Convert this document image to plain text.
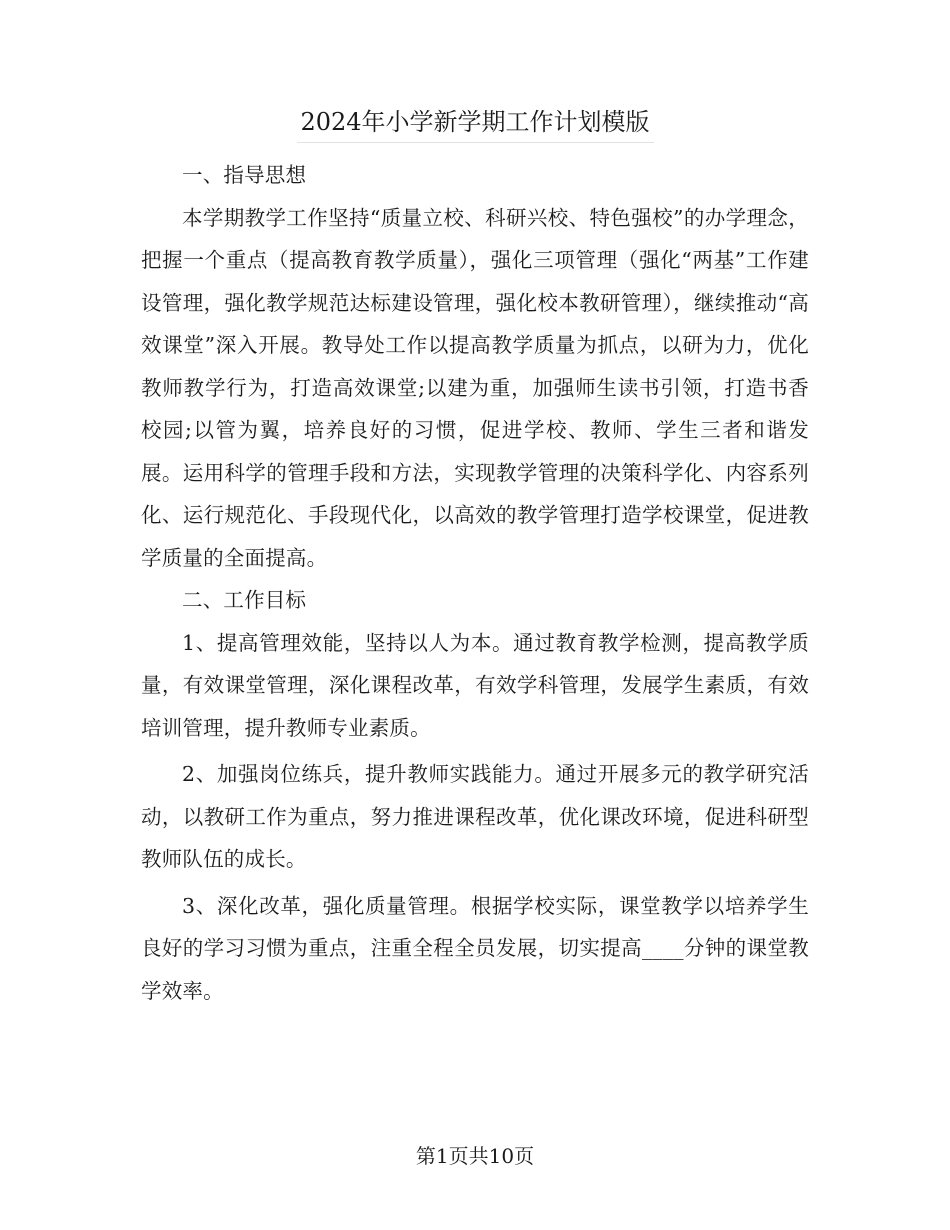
2024年小学新学期工作计划模版

一、指导思想

本学期教学工作坚持“质量立校、科研兴校、特色强校”的办学理念，把握一个重点（提高教育教学质量），强化三项管理（强化“两基”工作建设管理，强化教学规范达标建设管理，强化校本教研管理），继续推动“高效课堂”深入开展。教导处工作以提高教学质量为抓点，以研为力，优化教师教学行为，打造高效课堂;以建为重，加强师生读书引领，打造书香校园;以管为翼，培养良好的习惯，促进学校、教师、学生三者和谐发展。运用科学的管理手段和方法，实现教学管理的决策科学化、内容系列化、运行规范化、手段现代化，以高效的教学管理打造学校课堂，促进教学质量的全面提高。

二、工作目标

1、提高管理效能，坚持以人为本。通过教育教学检测，提高教学质量，有效课堂管理，深化课程改革，有效学科管理，发展学生素质，有效培训管理，提升教师专业素质。

2、加强岗位练兵，提升教师实践能力。通过开展多元的教学研究活动，以教研工作为重点，努力推进课程改革，优化课改环境，促进科研型教师队伍的成长。

3、深化改革，强化质量管理。根据学校实际，课堂教学以培养学生良好的学习习惯为重点，注重全程全员发展，切实提高____分钟的课堂教学效率。

第1页共10页
